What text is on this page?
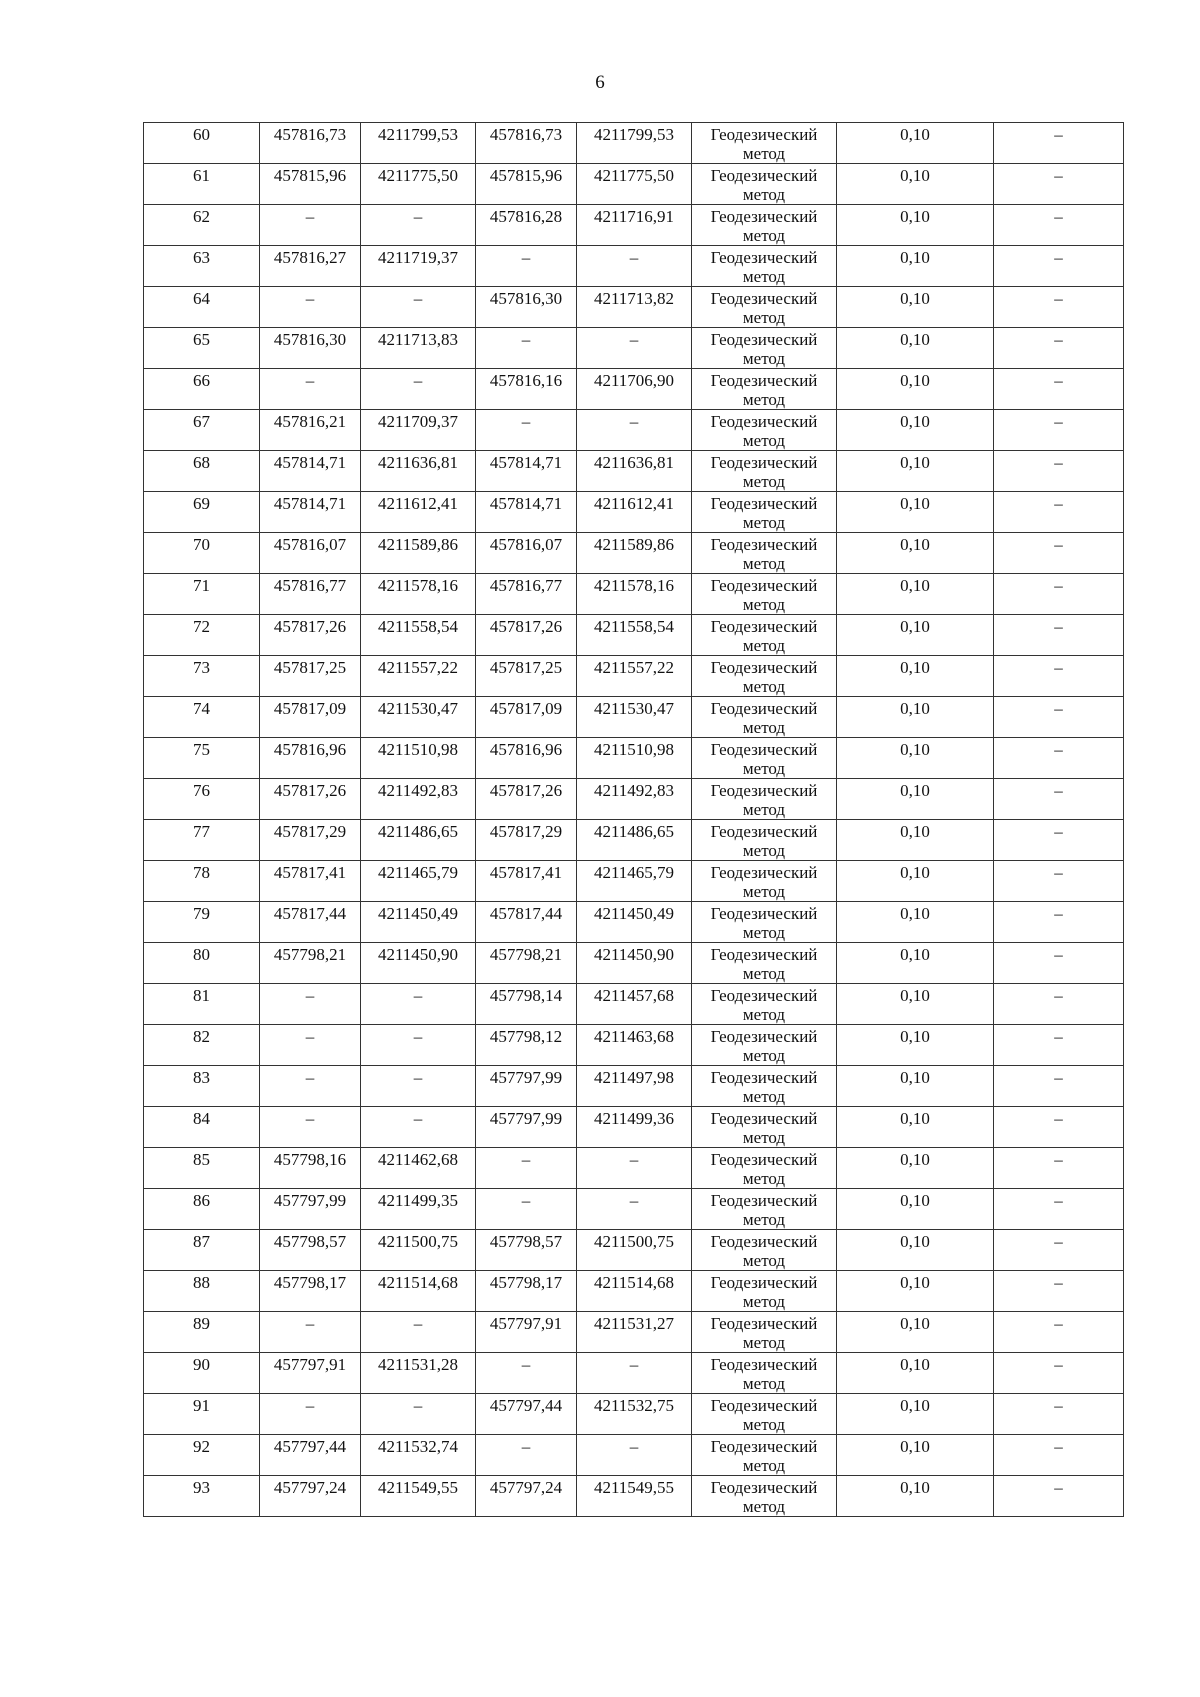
6
60	457816,73	4211799,53	457816,73	4211799,53	Геодезический метод	0,10	–
61	457815,96	4211775,50	457815,96	4211775,50	Геодезический метод	0,10	–
62	–	–	457816,28	4211716,91	Геодезический метод	0,10	–
63	457816,27	4211719,37	–	–	Геодезический метод	0,10	–
64	–	–	457816,30	4211713,82	Геодезический метод	0,10	–
65	457816,30	4211713,83	–	–	Геодезический метод	0,10	–
66	–	–	457816,16	4211706,90	Геодезический метод	0,10	–
67	457816,21	4211709,37	–	–	Геодезический метод	0,10	–
68	457814,71	4211636,81	457814,71	4211636,81	Геодезический метод	0,10	–
69	457814,71	4211612,41	457814,71	4211612,41	Геодезический метод	0,10	–
70	457816,07	4211589,86	457816,07	4211589,86	Геодезический метод	0,10	–
71	457816,77	4211578,16	457816,77	4211578,16	Геодезический метод	0,10	–
72	457817,26	4211558,54	457817,26	4211558,54	Геодезический метод	0,10	–
73	457817,25	4211557,22	457817,25	4211557,22	Геодезический метод	0,10	–
74	457817,09	4211530,47	457817,09	4211530,47	Геодезический метод	0,10	–
75	457816,96	4211510,98	457816,96	4211510,98	Геодезический метод	0,10	–
76	457817,26	4211492,83	457817,26	4211492,83	Геодезический метод	0,10	–
77	457817,29	4211486,65	457817,29	4211486,65	Геодезический метод	0,10	–
78	457817,41	4211465,79	457817,41	4211465,79	Геодезический метод	0,10	–
79	457817,44	4211450,49	457817,44	4211450,49	Геодезический метод	0,10	–
80	457798,21	4211450,90	457798,21	4211450,90	Геодезический метод	0,10	–
81	–	–	457798,14	4211457,68	Геодезический метод	0,10	–
82	–	–	457798,12	4211463,68	Геодезический метод	0,10	–
83	–	–	457797,99	4211497,98	Геодезический метод	0,10	–
84	–	–	457797,99	4211499,36	Геодезический метод	0,10	–
85	457798,16	4211462,68	–	–	Геодезический метод	0,10	–
86	457797,99	4211499,35	–	–	Геодезический метод	0,10	–
87	457798,57	4211500,75	457798,57	4211500,75	Геодезический метод	0,10	–
88	457798,17	4211514,68	457798,17	4211514,68	Геодезический метод	0,10	–
89	–	–	457797,91	4211531,27	Геодезический метод	0,10	–
90	457797,91	4211531,28	–	–	Геодезический метод	0,10	–
91	–	–	457797,44	4211532,75	Геодезический метод	0,10	–
92	457797,44	4211532,74	–	–	Геодезический метод	0,10	–
93	457797,24	4211549,55	457797,24	4211549,55	Геодезический метод	0,10	–
